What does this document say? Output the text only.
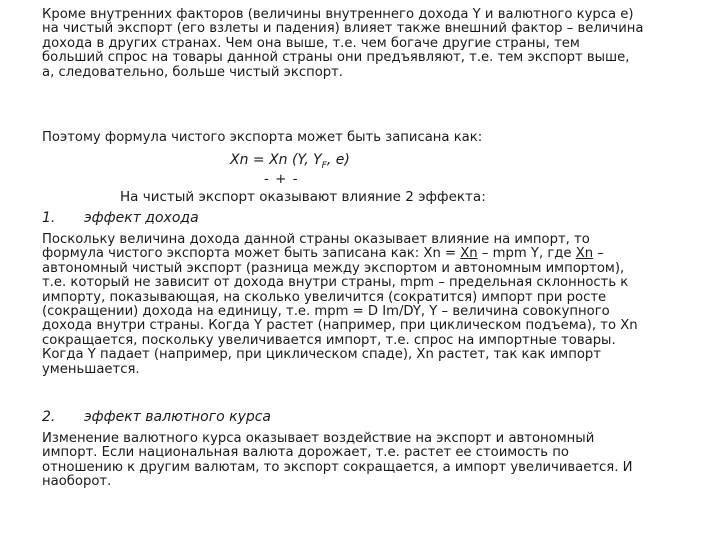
Кроме внутренних факторов (величины внутреннего дохода Y и валютного курса e)
на чистый экспорт (его взлеты и падения) влияет также внешний фактор – величина
дохода в других странах. Чем она выше, т.е. чем богаче другие страны, тем
больший спрос на товары данной страны они предъявляют, т.е. тем экспорт выше,
а, следовательно, больше чистый экспорт.
Поэтому формула чистого экспорта может быть записана как:
Xn = Xn (Y, $Y_F$, e)
- + -
На чистый экспорт оказывают влияние 2 эффекта:
1. эффект дохода
Поскольку величина дохода данной страны оказывает влияние на импорт, то
формула чистого экспорта может быть записана как: Xn = Xn – mpm Y, где Xn –
автономный чистый экспорт (разница между экспортом и автономным импортом),
т.е. который не зависит от дохода внутри страны, mpm – предельная склонность к
импорту, показывающая, на сколько увеличится (сократится) импорт при росте
(сокращении) дохода на единицу, т.е. mpm = D Im/DY, Y – величина совокупного
дохода внутри страны. Когда Y растет (например, при циклическом подъема), то Xn
сокращается, поскольку увеличивается импорт, т.е. спрос на импортные товары.
Когда Y падает (например, при циклическом спаде), Xn растет, так как импорт
уменьшается.
2. эффект валютного курса
Изменение валютного курса оказывает воздействие на экспорт и автономный
импорт. Если национальная валюта дорожает, т.е. растет ее стоимость по
отношению к другим валютам, то экспорт сокращается, а импорт увеличивается. И
наоборот.
